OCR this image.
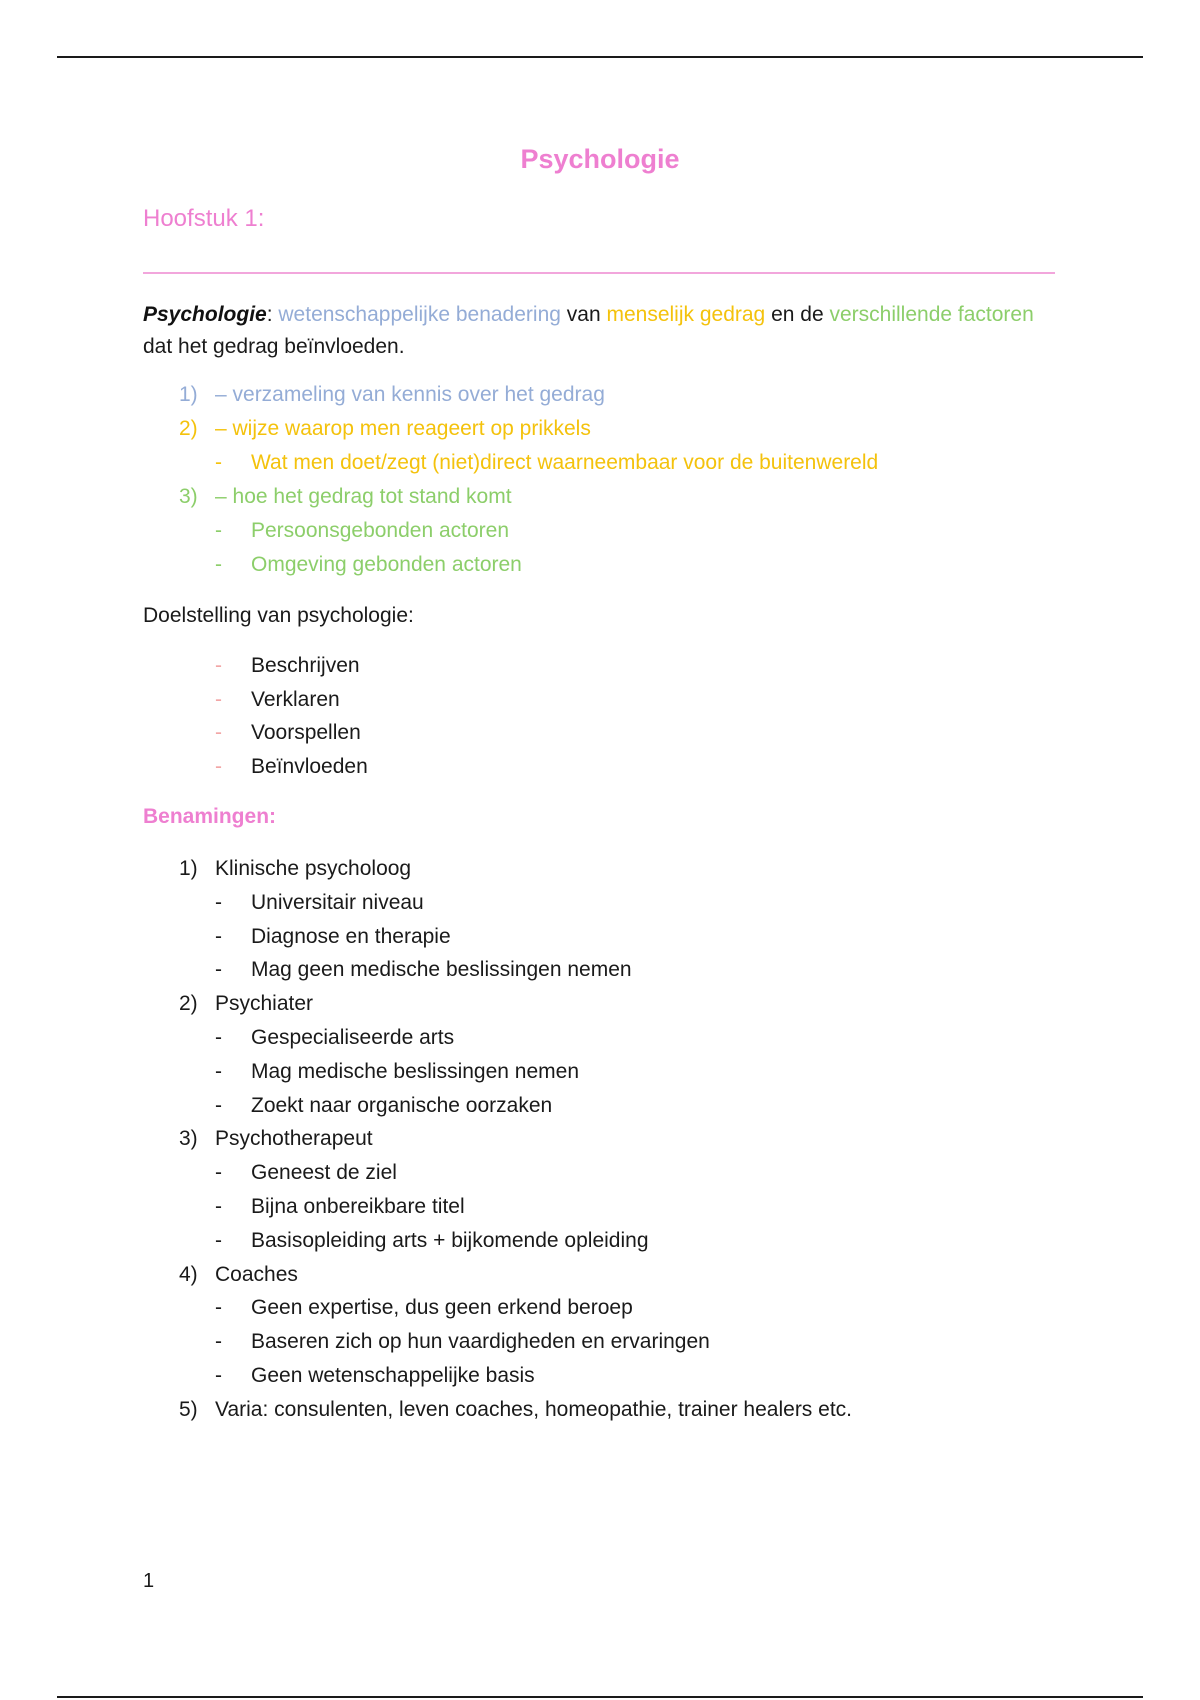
Psychologie
Hoofstuk 1:
Psychologie: wetenschappelijke benadering van menselijk gedrag en de verschillende factoren dat het gedrag beïnvloeden.
1) – verzameling van kennis over het gedrag
2) – wijze waarop men reageert op prikkels
- Wat men doet/zegt (niet)direct waarneembaar voor de buitenwereld
3) – hoe het gedrag tot stand komt
- Persoonsgebonden actoren
- Omgeving gebonden actoren
Doelstelling van psychologie:
- Beschrijven
- Verklaren
- Voorspellen
- Beïnvloeden
Benamingen:
1) Klinische psycholoog
- Universitair niveau
- Diagnose en therapie
- Mag geen medische beslissingen nemen
2) Psychiater
- Gespecialiseerde arts
- Mag medische beslissingen nemen
- Zoekt naar organische oorzaken
3) Psychotherapeut
- Geneest de ziel
- Bijna onbereikbare titel
- Basisopleiding arts + bijkomende opleiding
4) Coaches
- Geen expertise, dus geen erkend beroep
- Baseren zich op hun vaardigheden en ervaringen
- Geen wetenschappelijke basis
5) Varia: consulenten, leven coaches, homeopathie, trainer healers etc.
1
